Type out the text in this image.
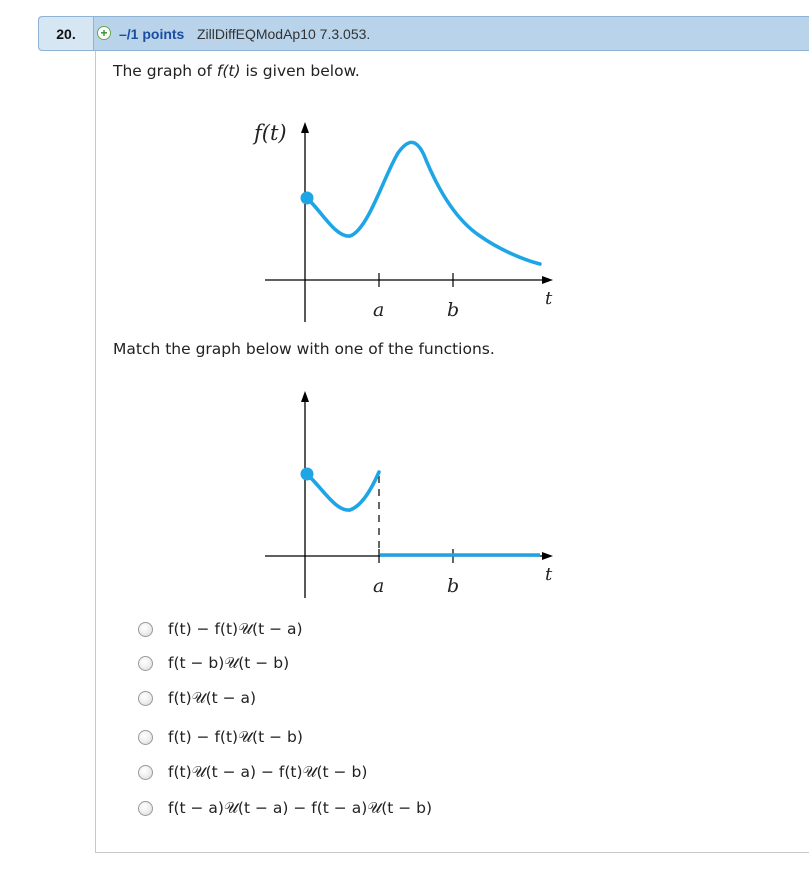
20.	+ –/1 points ZillDiffEQModAp10 7.3.053.
The graph of f(t) is given below.
f(t)
t
a	b
Match the graph below with one of the functions.
t
a	b
f(t) − f(t)𝒰(t − a)
f(t − b)𝒰(t − b)
f(t)𝒰(t − a)
f(t) − f(t)𝒰(t − b)
f(t)𝒰(t − a) − f(t)𝒰(t − b)
f(t − a)𝒰(t − a) − f(t − a)𝒰(t − b)
